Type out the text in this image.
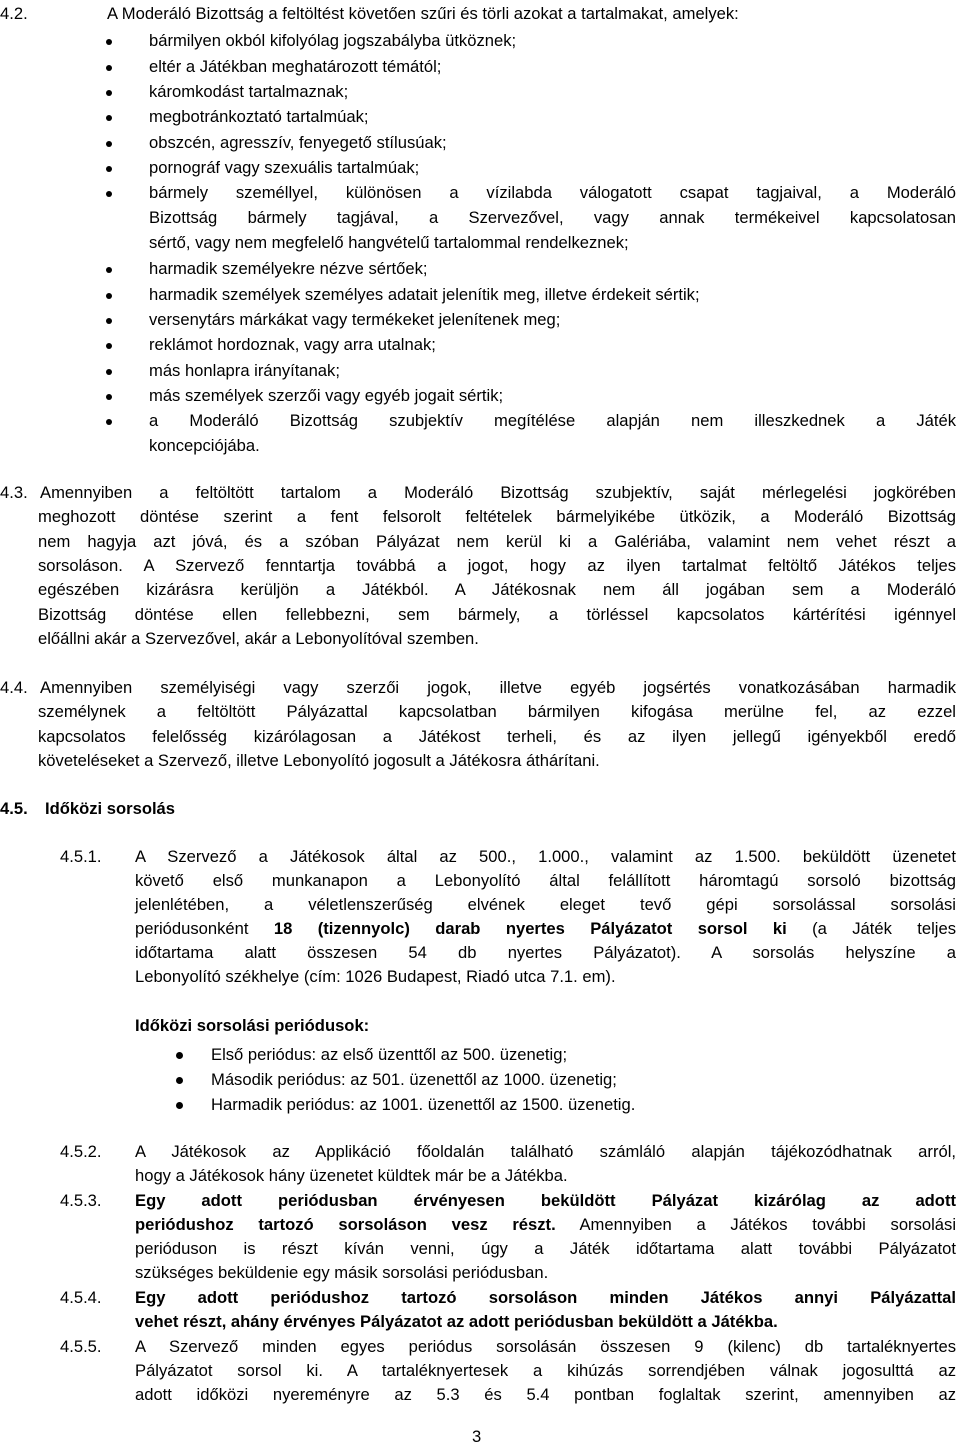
4.2.	A Moderáló Bizottság a feltöltést követően szűri és törli azokat a tartalmakat, amelyek:
bármilyen okból kifolyólag jogszabályba ütköznek;
eltér a Játékban meghatározott témától;
káromkodást tartalmaznak;
megbotránkoztató tartalmúak;
obszcén, agresszív, fenyegető stílusúak;
pornográf vagy szexuális tartalmúak;
bármely személlyel, különösen a vízilabda válogatott csapat tagjaival, a Moderáló
Bizottság bármely tagjával, a Szervezővel, vagy annak termékeivel kapcsolatosan
sértő, vagy nem megfelelő hangvételű tartalommal rendelkeznek;
harmadik személyekre nézve sértőek;
harmadik személyek személyes adatait jelenítik meg, illetve érdekeit sértik;
versenytárs márkákat vagy termékeket jelenítenek meg;
reklámot hordoznak, vagy arra utalnak;
más honlapra irányítanak;
más személyek szerzői vagy egyéb jogait sértik;
a Moderáló Bizottság szubjektív megítélése alapján nem illeszkednek a Játék
koncepciójába.
4.3. Amennyiben a feltöltött tartalom a Moderáló Bizottság szubjektív, saját mérlegelési jogkörében
meghozott döntése szerint a fent felsorolt feltételek bármelyikébe ütközik, a Moderáló Bizottság
nem hagyja azt jóvá, és a szóban Pályázat nem kerül ki a Galériába, valamint nem vehet részt a
sorsoláson. A Szervező fenntartja továbbá a jogot, hogy az ilyen tartalmat feltöltő Játékos teljes
egészében kizárásra kerüljön a Játékból. A Játékosnak nem áll jogában sem a Moderáló
Bizottság döntése ellen fellebbezni, sem bármely, a törléssel kapcsolatos kártérítési igénnyel
előállni akár a Szervezővel, akár a Lebonyolítóval szemben.
4.4. Amennyiben személyiségi vagy szerzői jogok, illetve egyéb jogsértés vonatkozásában harmadik
személynek a feltöltött Pályázattal kapcsolatban bármilyen kifogása merülne fel, az ezzel
kapcsolatos felelősség kizárólagosan a Játékost terheli, és az ilyen jellegű igényekből eredő
követeléseket a Szervező, illetve Lebonyolító jogosult a Játékosra áthárítani.
4.5. Időközi sorsolás
4.5.1. A Szervező a Játékosok által az 500., 1.000., valamint az 1.500. beküldött üzenetet
követő első munkanapon a Lebonyolító által felállított háromtagú sorsoló bizottság
jelenlétében, a véletlenszerűség elvének eleget tevő gépi sorsolással sorsolási
periódusonként 18 (tizennyolc) darab nyertes Pályázatot sorsol ki (a Játék teljes
időtartama alatt összesen 54 db nyertes Pályázatot). A sorsolás helyszíne a
Lebonyolító székhelye (cím: 1026 Budapest, Riadó utca 7.1. em).
Időközi sorsolási periódusok:
Első periódus: az első üzenttől az 500. üzenetig;
Második periódus: az 501. üzenettől az 1000. üzenetig;
Harmadik periódus: az 1001. üzenettől az 1500. üzenetig.
4.5.2. A Játékosok az Applikáció főoldalán található számláló alapján tájékozódhatnak arról,
hogy a Játékosok hány üzenetet küldtek már be a Játékba.
4.5.3. Egy adott periódusban érvényesen beküldött Pályázat kizárólag az adott
periódushoz tartozó sorsoláson vesz részt. Amennyiben a Játékos további sorsolási
perióduson is részt kíván venni, úgy a Játék időtartama alatt további Pályázatot
szükséges beküldenie egy másik sorsolási periódusban.
4.5.4. Egy adott periódushoz tartozó sorsoláson minden Játékos annyi Pályázattal
vehet részt, ahány érvényes Pályázatot az adott periódusban beküldött a Játékba.
4.5.5. A Szervező minden egyes periódus sorsolásán összesen 9 (kilenc) db tartaléknyertes
Pályázatot sorsol ki. A tartaléknyertesek a kihúzás sorrendjében válnak jogosulttá az
adott időközi nyereményre az 5.3 és 5.4 pontban foglaltak szerint, amennyiben az
3
